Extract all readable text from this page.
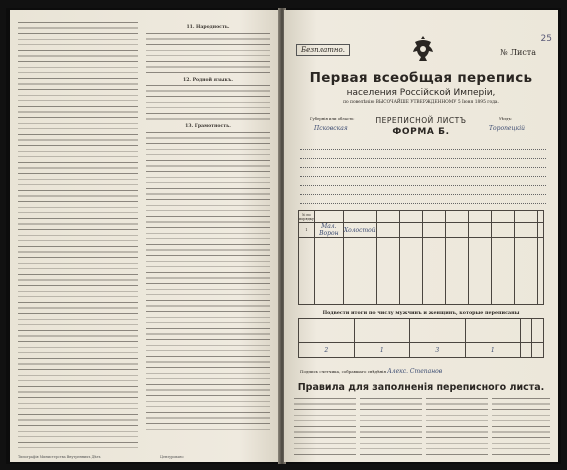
11. Народность.
12. Родной языкъ.
13. Грамотность.
Типографiя Министерства Внутреннихъ Дѣлъ	Цензуровано
25
Безплатно.	№ Листа
Первая всеобщая перепись
населения Россiйской Имперiи,
по повелѣнiю ВЫСОЧАЙШЕ УТВЕРЖДЕННОМУ 5 Iюня 1895 года.
Губернiя или область:
Псковская
ПЕРЕПИСНОЙ ЛИСТЪ
ФОРМА Б.
Уѣздъ:
Торопецкiй
№ по порядку										
1	Мал. Ворон	Холостой								

Подвести итоги по числу мужчинъ и женщинъ, которые переписаны

2	1	3	1		
Подпись счетчика, собравшаго свѣдѣнiя Алекс. Степанов
Правила для заполненiя переписного листа.
